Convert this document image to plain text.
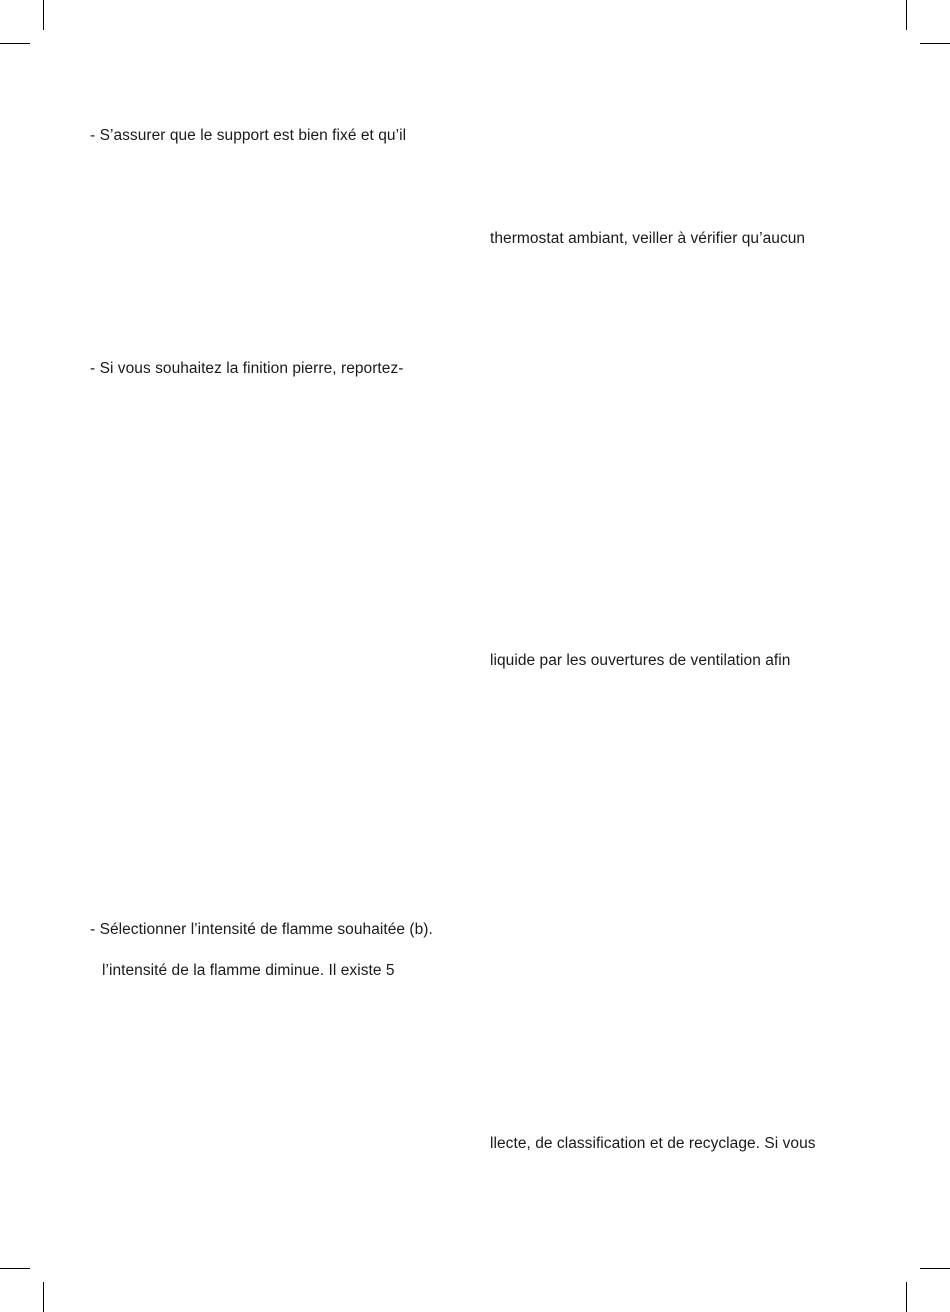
- S’assurer que le support est bien fixé et qu’il
- Si vous souhaitez la finition pierre, reportez-
- Sélectionner l’intensité de flamme souhaitée (b).
l’intensité de la flamme diminue. Il existe 5
thermostat ambiant, veiller à vérifier qu’aucun
liquide par les ouvertures de ventilation afin
llecte, de classification et de recyclage. Si vous
